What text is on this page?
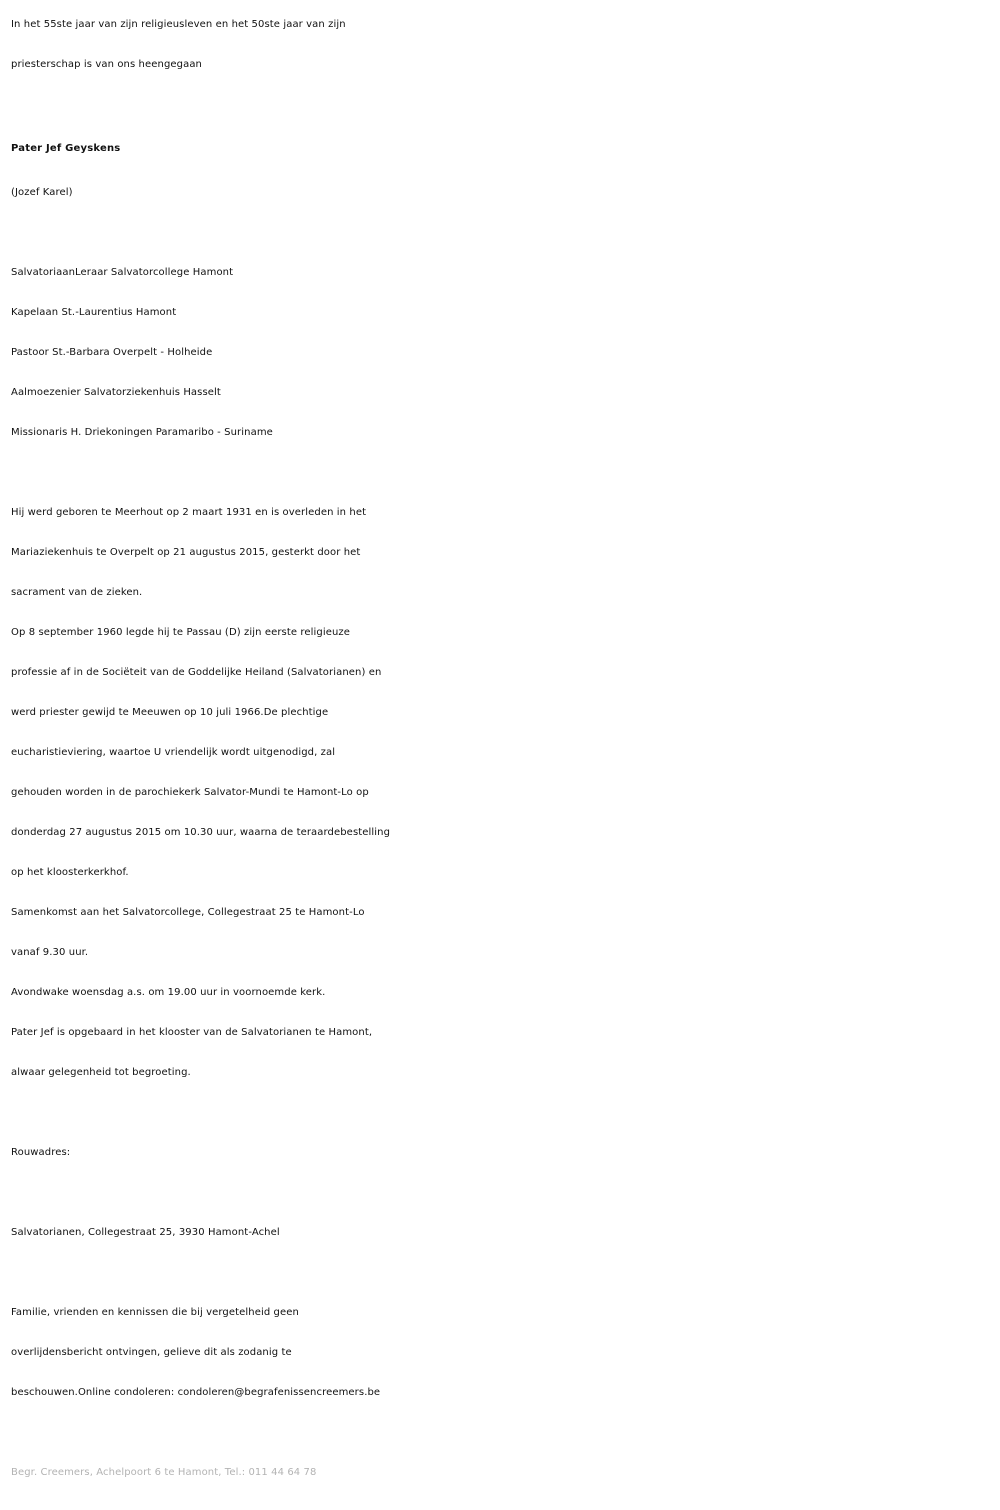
In het 55ste jaar van zijn religieusleven en het 50ste jaar van zijn
priesterschap is van ons heengegaan
Pater Jef Geyskens
(Jozef Karel)
SalvatoriaanLeraar Salvatorcollege Hamont
Kapelaan St.-Laurentius Hamont
Pastoor St.-Barbara Overpelt - Holheide
Aalmoezenier Salvatorziekenhuis Hasselt
Missionaris H. Driekoningen Paramaribo - Suriname
Hij werd geboren te Meerhout op 2 maart 1931 en is overleden in het
Mariaziekenhuis te Overpelt op 21 augustus 2015, gesterkt door het
sacrament van de zieken.
Op 8 september 1960 legde hij te Passau (D) zijn eerste religieuze
professie af in de Sociëteit van de Goddelijke Heiland (Salvatorianen) en
werd priester gewijd te Meeuwen op 10 juli 1966.De plechtige
eucharistieviering, waartoe U vriendelijk wordt uitgenodigd, zal
gehouden worden in de parochiekerk Salvator-Mundi te Hamont-Lo op
donderdag 27 augustus 2015 om 10.30 uur, waarna de teraardebestelling
op het kloosterkerkhof.
Samenkomst aan het Salvatorcollege, Collegestraat 25 te Hamont-Lo
vanaf 9.30 uur.
Avondwake woensdag a.s. om 19.00 uur in voornoemde kerk.
Pater Jef is opgebaard in het klooster van de Salvatorianen te Hamont,
alwaar gelegenheid tot begroeting.
Rouwadres:
Salvatorianen, Collegestraat 25, 3930 Hamont-Achel
Familie, vrienden en kennissen die bij vergetelheid geen
overlijdensbericht ontvingen, gelieve dit als zodanig te
beschouwen.Online condoleren: condoleren@begrafenissencreemers.be
Begr. Creemers, Achelpoort 6 te Hamont, Tel.: 011 44 64 78
